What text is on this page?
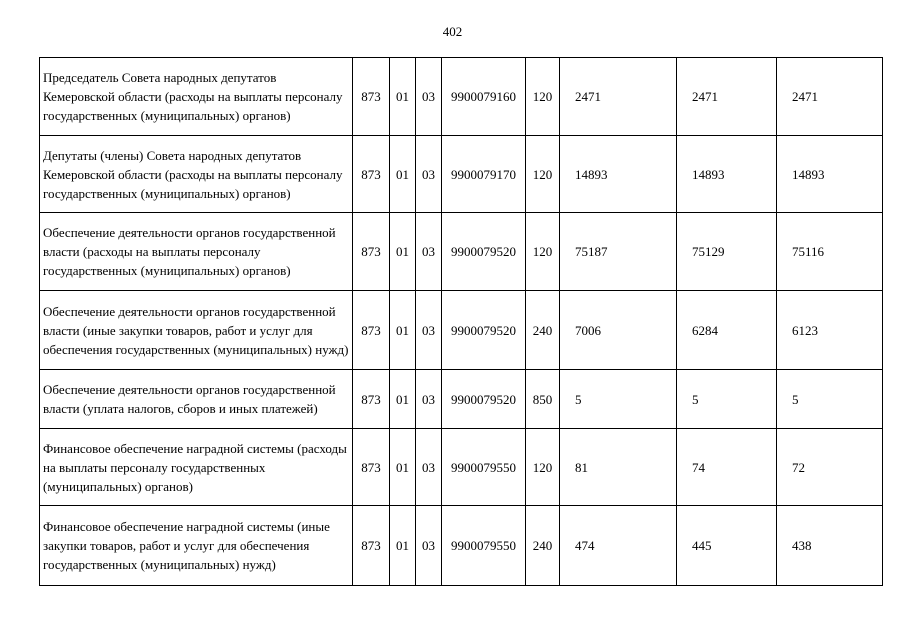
402
Председатель Совета народных депутатов Кемеровской области (расходы на выплаты персоналу государственных (муниципальных) органов)	873	01	03	9900079160	120	2471	2471	2471
Депутаты (члены) Совета народных депутатов Кемеровской области (расходы на выплаты персоналу государственных (муниципальных) органов)	873	01	03	9900079170	120	14893	14893	14893
Обеспечение деятельности органов государственной власти (расходы на выплаты персоналу государственных (муниципальных) органов)	873	01	03	9900079520	120	75187	75129	75116
Обеспечение деятельности органов государственной власти (иные закупки товаров, работ и услуг для обеспечения государственных (муниципальных) нужд)	873	01	03	9900079520	240	7006	6284	6123
Обеспечение деятельности органов государственной власти (уплата налогов, сборов и иных платежей)	873	01	03	9900079520	850	5	5	5
Финансовое обеспечение наградной системы (расходы на выплаты персоналу государственных (муниципальных) органов)	873	01	03	9900079550	120	81	74	72
Финансовое обеспечение наградной системы (иные закупки товаров, работ и услуг для обеспечения государственных (муниципальных) нужд)	873	01	03	9900079550	240	474	445	438
